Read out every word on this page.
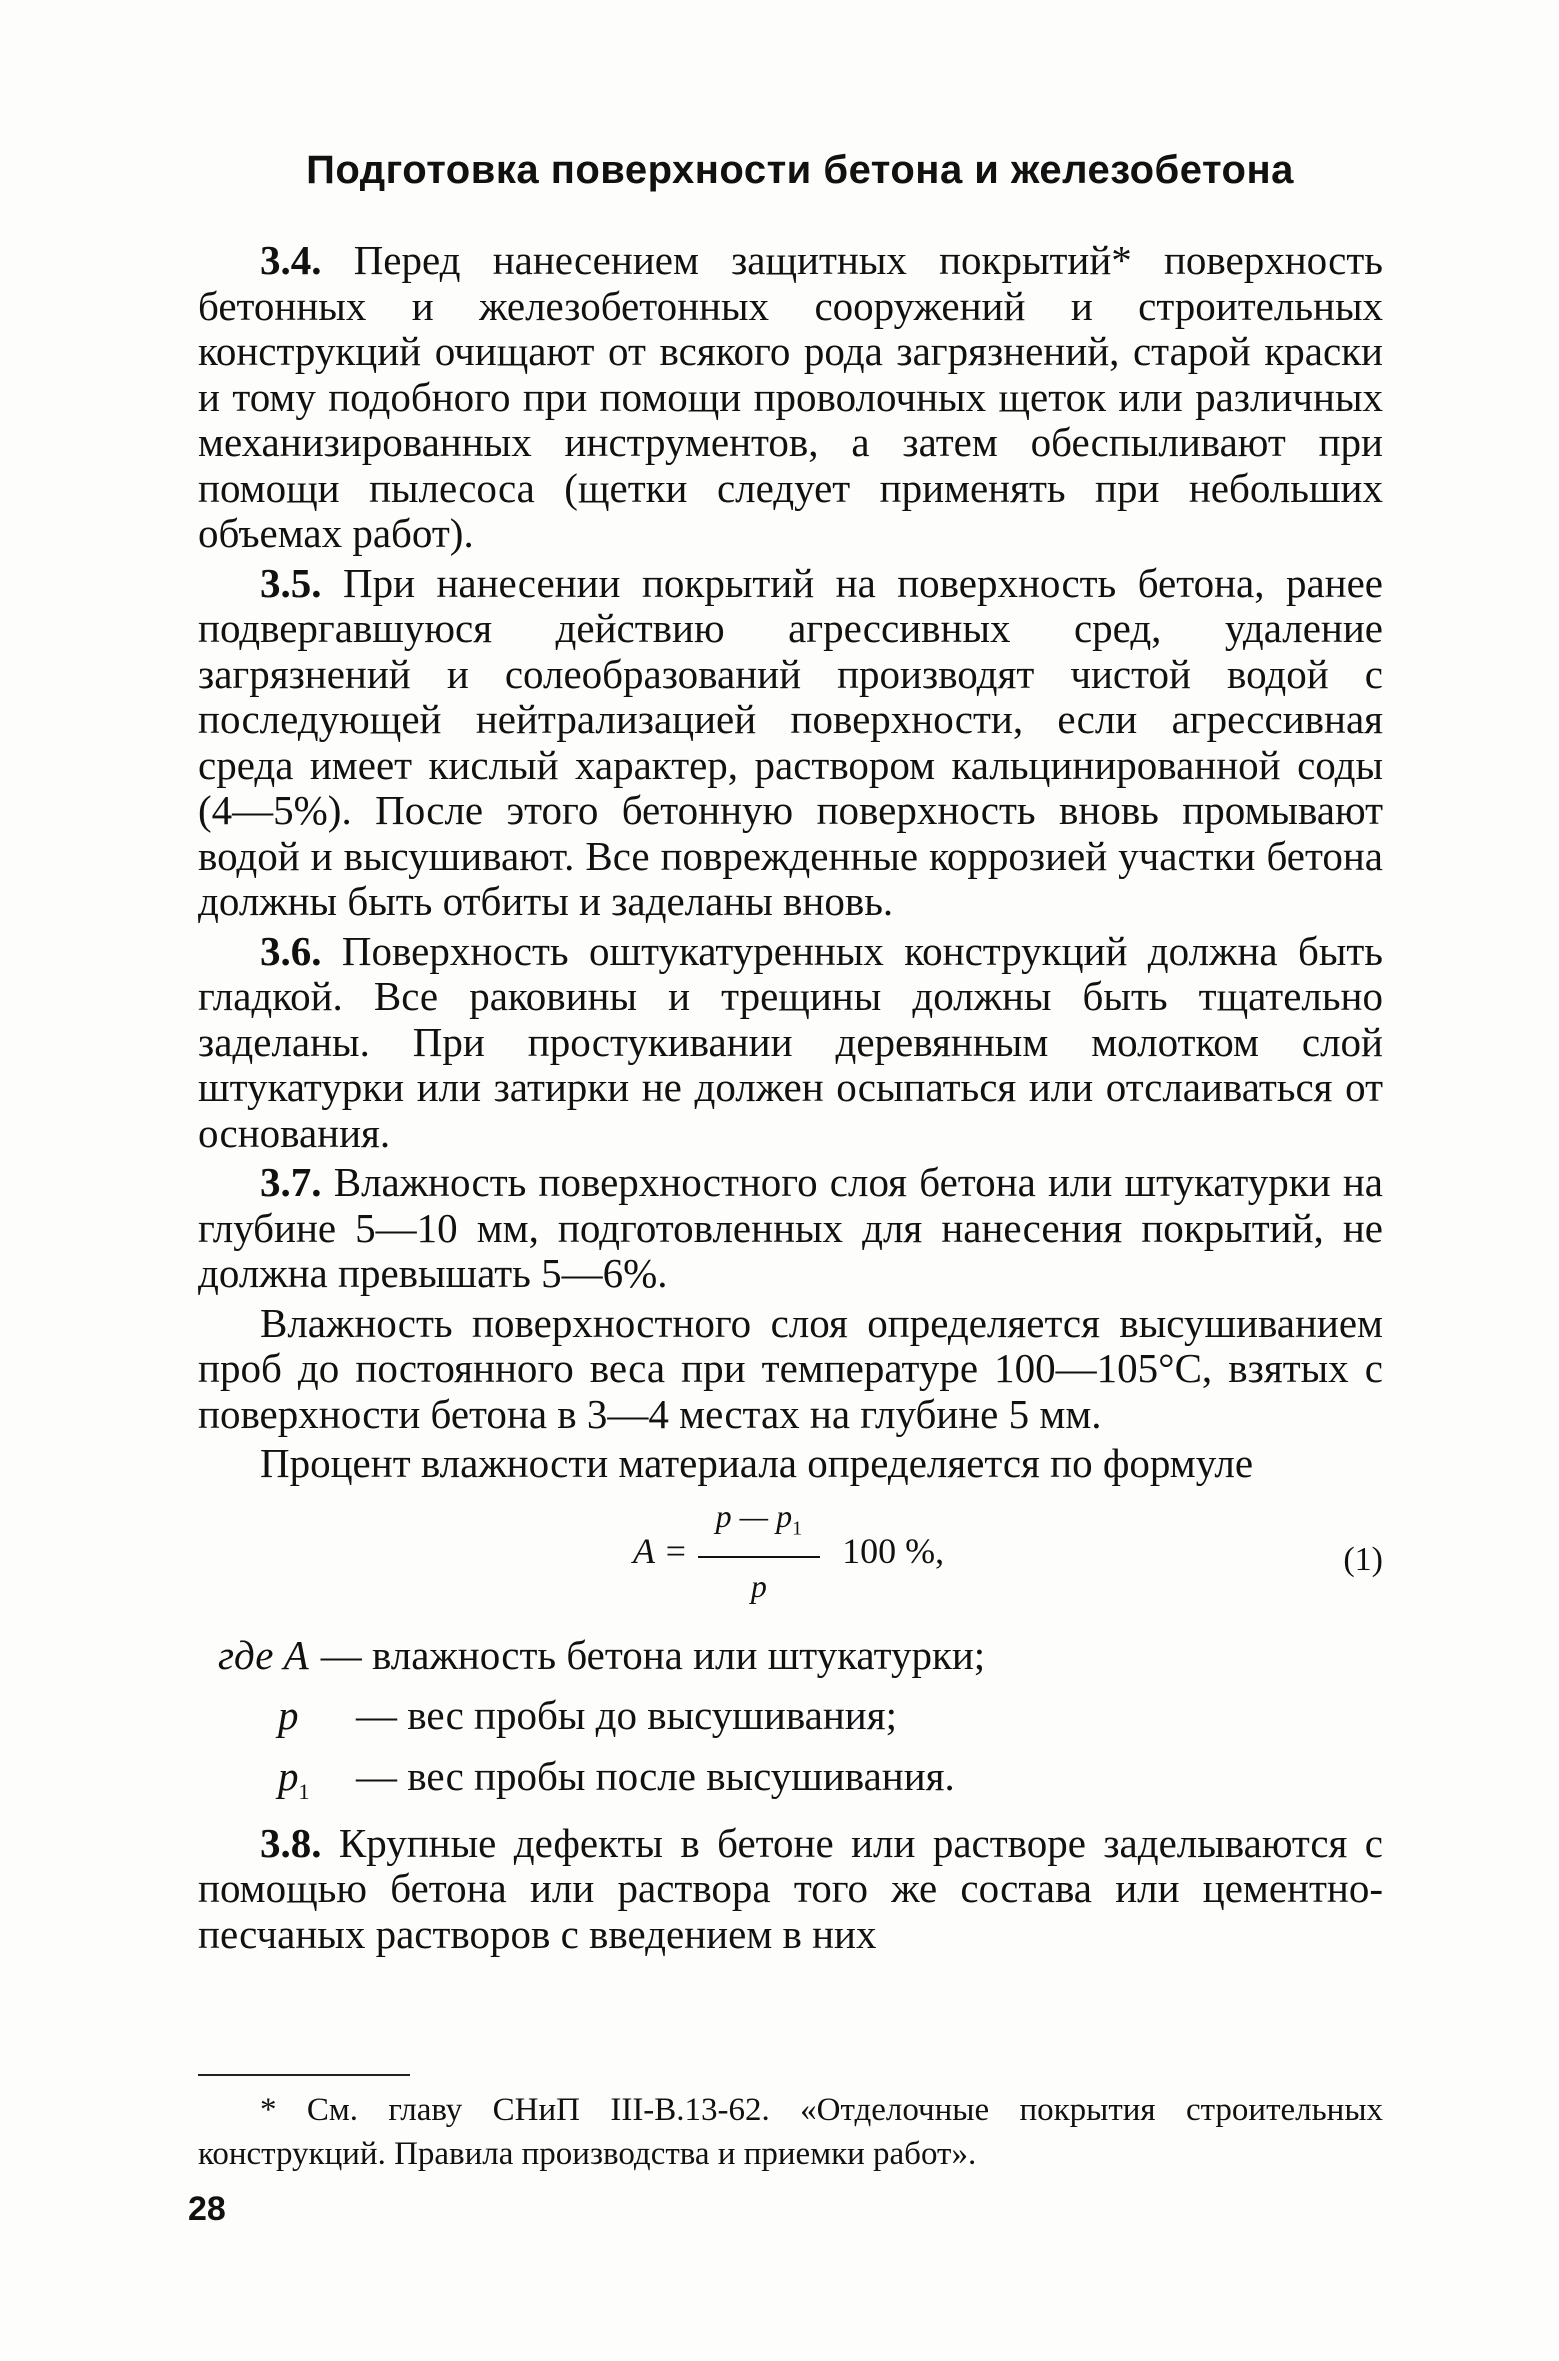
Подготовка поверхности бетона и железобетона

3.4. Перед нанесением защитных покрытий* поверхность бетонных и железобетонных сооружений и строительных конструкций очищают от всякого рода загрязнений, старой краски и тому подобного при помощи проволочных щеток или различных механизированных инструментов, а затем обеспыливают при помощи пылесоса (щетки следует применять при небольших объемах работ).

3.5. При нанесении покрытий на поверхность бетона, ранее подвергавшуюся действию агрессивных сред, удаление загрязнений и солеобразований производят чистой водой с последующей нейтрализацией поверхности, если агрессивная среда имеет кислый характер, раствором кальцинированной соды (4—5%). После этого бетонную поверхность вновь промывают водой и высушивают. Все поврежденные коррозией участки бетона должны быть отбиты и заделаны вновь.

3.6. Поверхность оштукатуренных конструкций должна быть гладкой. Все раковины и трещины должны быть тщательно заделаны. При простукивании деревянным молотком слой штукатурки или затирки не должен осыпаться или отслаиваться от основания.

3.7. Влажность поверхностного слоя бетона или штукатурки на глубине 5—10 мм, подготовленных для нанесения покрытий, не должна превышать 5—6%.

Влажность поверхностного слоя определяется высушиванием проб до постоянного веса при температуре 100—105°С, взятых с поверхности бетона в 3—4 местах на глубине 5 мм.

Процент влажности материала определяется по формуле

$A = \frac{p — p_1}{p} 100$ %,	(1)
где A — влажность бетона или штукатурки;
p	— вес пробы до высушивания;
$p_1$	— вес пробы после высушивания.

3.8. Крупные дефекты в бетоне или растворе заделываются с помощью бетона или раствора того же состава или цементно-песчаных растворов с введением в них

* См. главу СНиП III-В.13-62. «Отделочные покрытия строительных конструкций. Правила производства и приемки работ».
28
